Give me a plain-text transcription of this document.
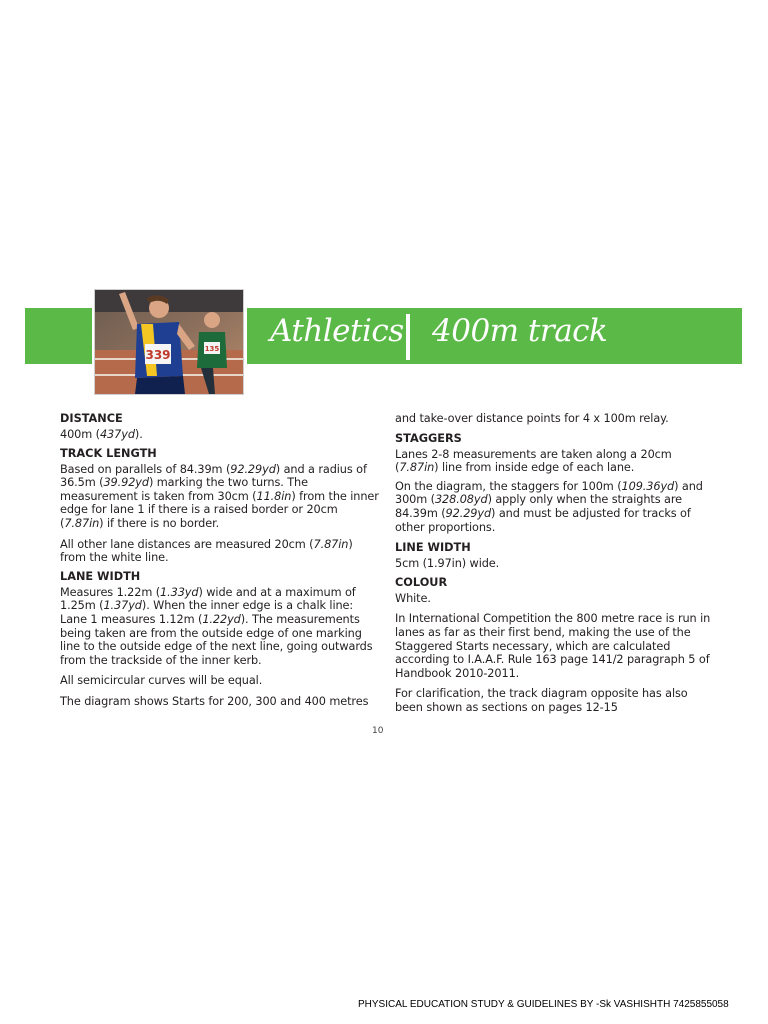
Athletics 400m track
135
339
DISTANCE

400m (437yd).

TRACK LENGTH

Based on parallels of 84.39m (92.29yd) and a radius of 36.5m (39.92yd) marking the two turns. The measurement is taken from 30cm (11.8in) from the inner edge for lane 1 if there is a raised border or 20cm (7.87in) if there is no border.

All other lane distances are measured 20cm (7.87in) from the white line.

LANE WIDTH

Measures 1.22m (1.33yd) wide and at a maximum of 1.25m (1.37yd). When the inner edge is a chalk line: Lane 1 measures 1.12m (1.22yd). The measurements being taken are from the outside edge of one marking line to the outside edge of the next line, going outwards from the trackside of the inner kerb.

All semicircular curves will be equal.

The diagram shows Starts for 200, 300 and 400 metres

and take-over distance points for 4 x 100m relay.

STAGGERS

Lanes 2-8 measurements are taken along a 20cm (7.87in) line from inside edge of each lane.

On the diagram, the staggers for 100m (109.36yd) and 300m (328.08yd) apply only when the straights are 84.39m (92.29yd) and must be adjusted for tracks of other proportions.

LINE WIDTH

5cm (1.97in) wide.

COLOUR

White.

In International Competition the 800 metre race is run in lanes as far as their first bend, making the use of the Staggered Starts necessary, which are calculated according to I.A.A.F. Rule 163 page 141/2 paragraph 5 of Handbook 2010-2011.

For clarification, the track diagram opposite has also been shown as sections on pages 12-15

10
PHYSICAL EDUCATION STUDY & GUIDELINES BY -Sk VASHISHTH 7425855058
